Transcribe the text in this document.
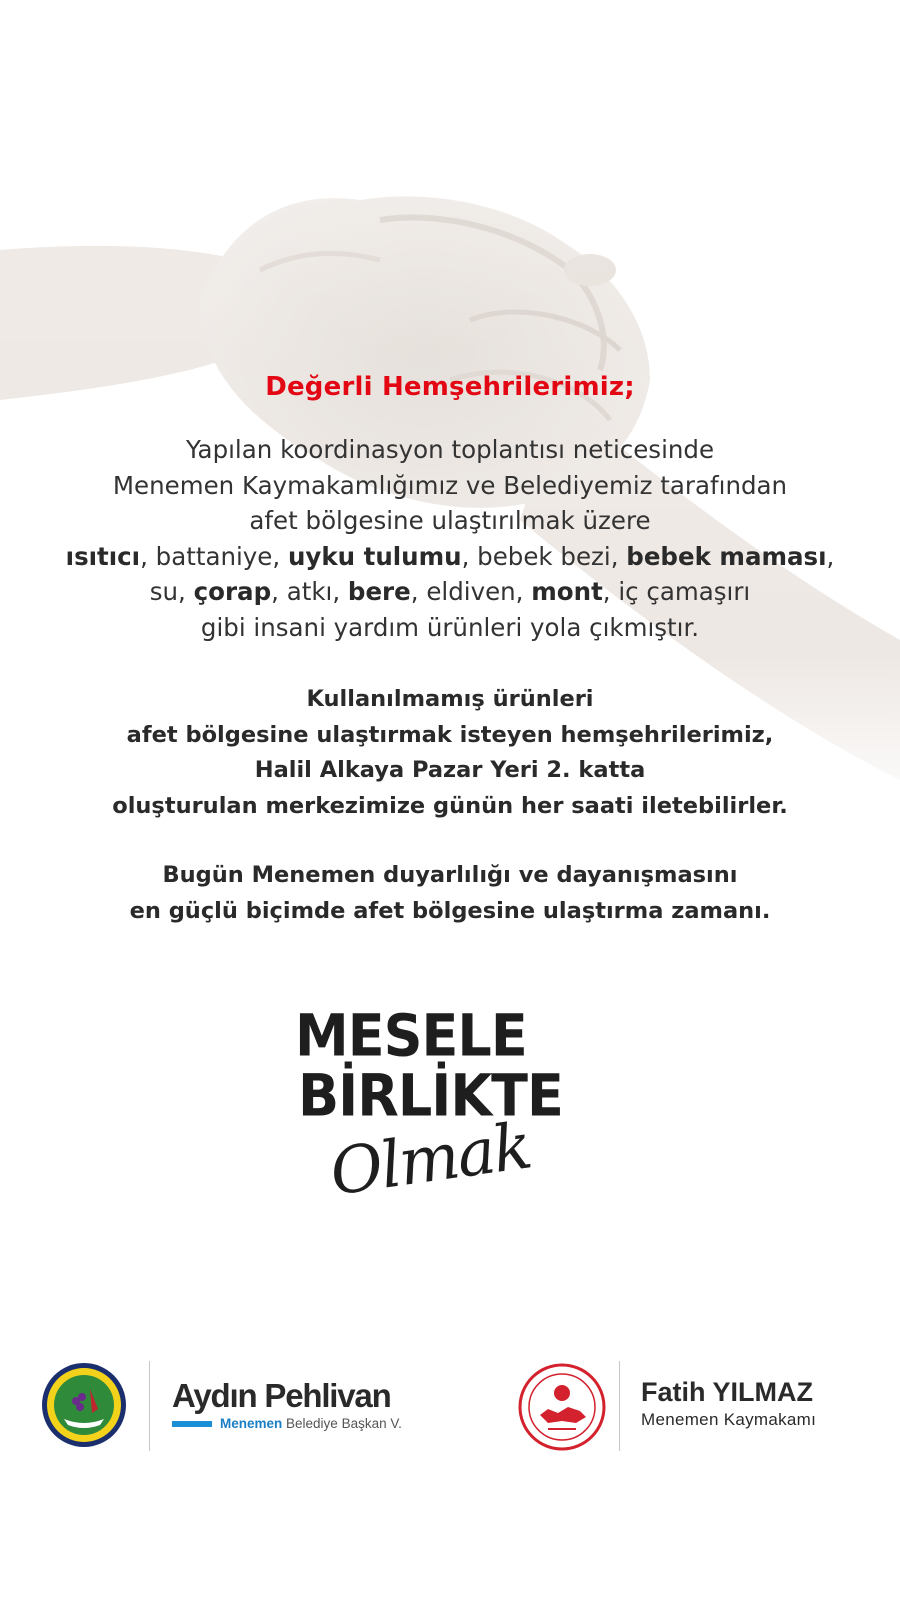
Değerli Hemşehrilerimiz;
Yapılan koordinasyon toplantısı neticesinde
Menemen Kaymakamlığımız ve Belediyemiz tarafından
afet bölgesine ulaştırılmak üzere
ısıtıcı, battaniye, uyku tulumu, bebek bezi, bebek maması,
su, çorap, atkı, bere, eldiven, mont, iç çamaşırı
gibi insani yardım ürünleri yola çıkmıştır.
Kullanılmamış ürünleri
afet bölgesine ulaştırmak isteyen hemşehrilerimiz,
Halil Alkaya Pazar Yeri 2. katta
oluşturulan merkezimize günün her saati iletebilirler.
Bugün Menemen duyarlılığı ve dayanışmasını
en güçlü biçimde afet bölgesine ulaştırma zamanı.
MESELE
BİRLİKTE
Olmak
Aydın Pehlivan
Menemen Belediye Başkan V.
Fatih YILMAZ
Menemen Kaymakamı
